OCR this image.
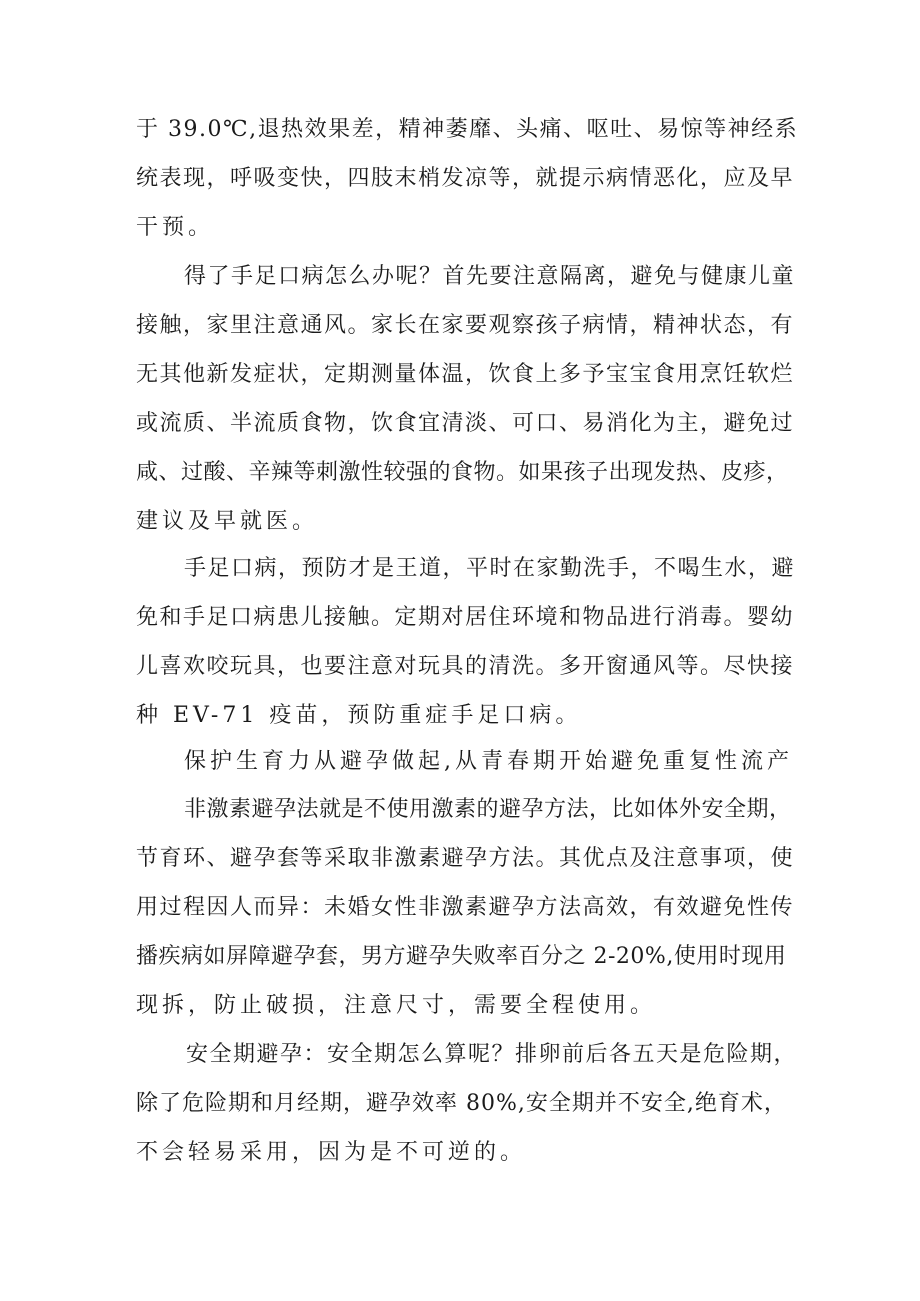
于 39.0℃,退热效果差，精神萎靡、头痛、呕吐、易惊等神经系
统表现，呼吸变快，四肢末梢发凉等，就提示病情恶化，应及早
干预。
得了手足口病怎么办呢？首先要注意隔离，避免与健康儿童
接触，家里注意通风。家长在家要观察孩子病情，精神状态，有
无其他新发症状，定期测量体温，饮食上多予宝宝食用烹饪软烂
或流质、半流质食物，饮食宜清淡、可口、易消化为主，避免过
咸、过酸、辛辣等刺激性较强的食物。如果孩子出现发热、皮疹，
建议及早就医。
手足口病，预防才是王道，平时在家勤洗手，不喝生水，避
免和手足口病患儿接触。定期对居住环境和物品进行消毒。婴幼
儿喜欢咬玩具，也要注意对玩具的清洗。多开窗通风等。尽快接
种 EV-71 疫苗，预防重症手足口病。
保护生育力从避孕做起,从青春期开始避免重复性流产
非激素避孕法就是不使用激素的避孕方法，比如体外安全期，
节育环、避孕套等采取非激素避孕方法。其优点及注意事项，使
用过程因人而异：未婚女性非激素避孕方法高效，有效避免性传
播疾病如屏障避孕套，男方避孕失败率百分之 2-20%,使用时现用
现拆，防止破损，注意尺寸，需要全程使用。
安全期避孕：安全期怎么算呢？排卵前后各五天是危险期，
除了危险期和月经期，避孕效率 80%,安全期并不安全,绝育术，
不会轻易采用，因为是不可逆的。
